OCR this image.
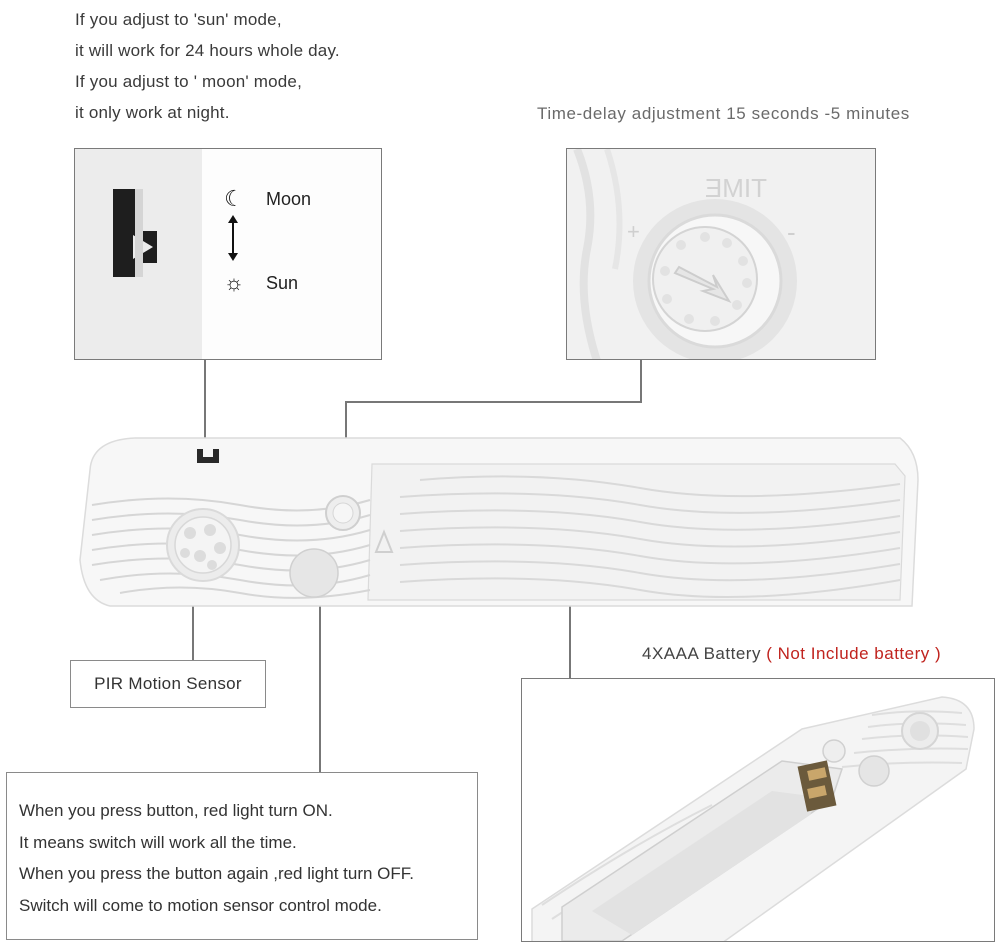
If you adjust to 'sun' mode,
it will work for 24 hours whole day.
If you adjust to ' moon' mode,
it only work at night.	Time-delay adjustment 15 seconds -5 minutes
☾ Moon
☼ Sun
TIME
+	-
PIR Motion Sensor
4XAAA Battery ( Not Include battery )
When you press button, red light turn ON.
It means switch will work all the time.
When you press the button again ,red light turn OFF.
Switch will come to motion sensor control mode.
